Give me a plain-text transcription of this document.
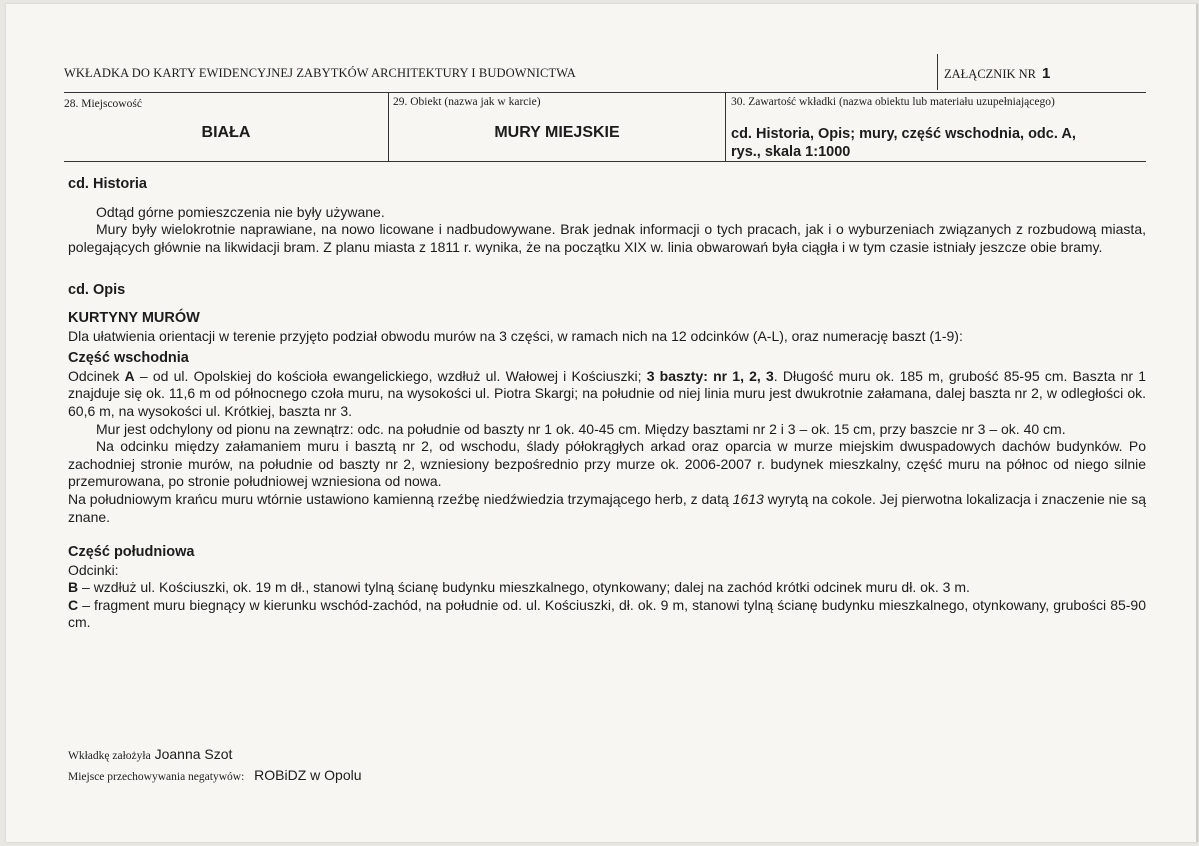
WKŁADKA DO KARTY EWIDENCYJNEJ ZABYTKÓW ARCHITEKTURY I BUDOWNICTWA	ZAŁĄCZNIK NR 1
28. Miejscowość
BIAŁA
29. Obiekt (nazwa jak w karcie)
MURY MIEJSKIE
30. Zawartość wkładki (nazwa obiektu lub materiału uzupełniającego)
cd. Historia, Opis; mury, część wschodnia, odc. A,
rys., skala 1:1000

cd. Historia

Odtąd górne pomieszczenia nie były używane.

Mury były wielokrotnie naprawiane, na nowo licowane i nadbudowywane. Brak jednak informacji o tych pracach, jak i o wyburzeniach związanych z rozbudową miasta, polegających głównie na likwidacji bram. Z planu miasta z 1811 r. wynika, że na początku XIX w. linia obwarowań była ciągła i w tym czasie istniały jeszcze obie bramy.

cd. Opis

KURTYNY MURÓW

Dla ułatwienia orientacji w terenie przyjęto podział obwodu murów na 3 części, w ramach nich na 12 odcinków (A-L), oraz numerację baszt (1-9):

Część wschodnia

Odcinek A – od ul. Opolskiej do kościoła ewangelickiego, wzdłuż ul. Wałowej i Kościuszki; 3 baszty: nr 1, 2, 3. Długość muru ok. 185 m, grubość 85-95 cm. Baszta nr 1 znajduje się ok. 11,6 m od północnego czoła muru, na wysokości ul. Piotra Skargi; na południe od niej linia muru jest dwukrotnie załamana, dalej baszta nr 2, w odległości ok. 60,6 m, na wysokości ul. Krótkiej, baszta nr 3.

Mur jest odchylony od pionu na zewnątrz: odc. na południe od baszty nr 1 ok. 40-45 cm. Między basztami nr 2 i 3 – ok. 15 cm, przy baszcie nr 3 – ok. 40 cm.

Na odcinku między załamaniem muru i basztą nr 2, od wschodu, ślady półokrągłych arkad oraz oparcia w murze miejskim dwuspadowych dachów budynków. Po zachodniej stronie murów, na południe od baszty nr 2, wzniesiony bezpośrednio przy murze ok. 2006-2007 r. budynek mieszkalny, część muru na północ od niego silnie przemurowana, po stronie południowej wzniesiona od nowa.

Na południowym krańcu muru wtórnie ustawiono kamienną rzeźbę niedźwiedzia trzymającego herb, z datą 1613 wyrytą na cokole. Jej pierwotna lokalizacja i znaczenie nie są znane.

Część południowa

Odcinki:

B – wzdłuż ul. Kościuszki, ok. 19 m dł., stanowi tylną ścianę budynku mieszkalnego, otynkowany; dalej na zachód krótki odcinek muru dł. ok. 3 m.

C – fragment muru biegnący w kierunku wschód-zachód, na południe od. ul. Kościuszki, dł. ok. 9 m, stanowi tylną ścianę budynku mieszkalnego, otynkowany, grubości 85-90 cm.

Wkładkę założyła Joanna Szot
Miejsce przechowywania negatywów: ROBiDZ w Opolu
